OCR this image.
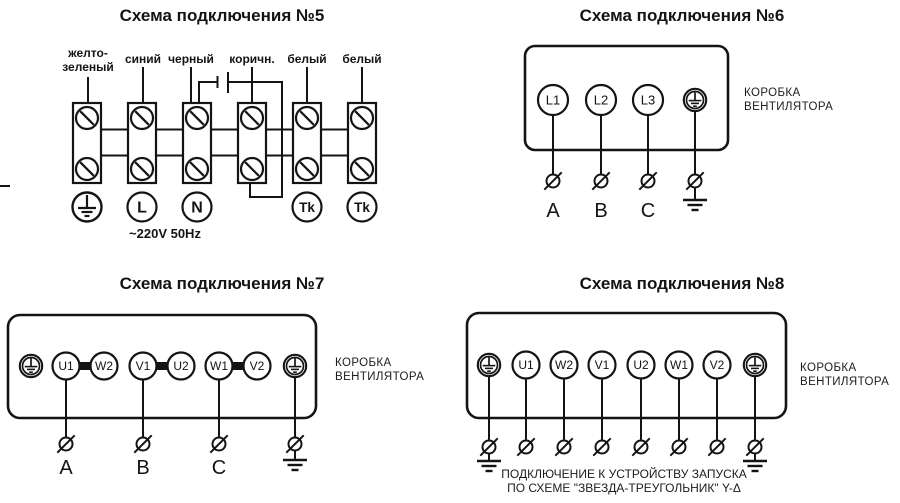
Схема подключения №5
желто-
зеленый
синий черный коричн. белый белый
L	N	Tk	Tk
~220V 50Hz
Схема подключения №6
L1	L2	L3
A B C
КОРОБКА
ВЕНТИЛЯТОРА
Схема подключения №7
U1 W2 V1 U2 W1 V2
A	B	C
КОРОБКА
ВЕНТИЛЯТОРА
Схема подключения №8
U1 W2 V1 U2 W1 V2
ПОДКЛЮЧЕНИЕ К УСТРОЙСТВУ ЗАПУСКА
ПО СХЕМЕ "ЗВЕЗДА-ТРЕУГОЛЬНИК" Y-Δ
КОРОБКА
ВЕНТИЛЯТОРА
